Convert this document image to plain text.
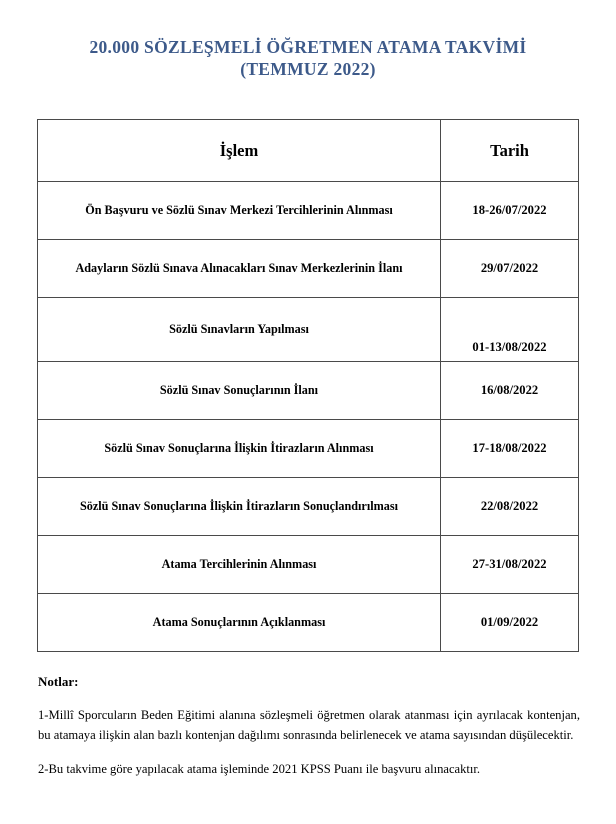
20.000 SÖZLEŞMELİ ÖĞRETMEN ATAMA TAKVİMİ
(TEMMUZ 2022)
İşlem	Tarih
Ön Başvuru ve Sözlü Sınav Merkezi Tercihlerinin Alınması	18-26/07/2022
Adayların Sözlü Sınava Alınacakları Sınav Merkezlerinin İlanı	29/07/2022
Sözlü Sınavların Yapılması	01-13/08/2022
Sözlü Sınav Sonuçlarının İlanı	16/08/2022
Sözlü Sınav Sonuçlarına İlişkin İtirazların Alınması	17-18/08/2022
Sözlü Sınav Sonuçlarına İlişkin İtirazların Sonuçlandırılması	22/08/2022
Atama Tercihlerinin Alınması	27-31/08/2022
Atama Sonuçlarının Açıklanması	01/09/2022
Notlar:

1-Millî Sporcuların Beden Eğitimi alanına sözleşmeli öğretmen olarak atanması için ayrılacak kontenjan, bu atamaya ilişkin alan bazlı kontenjan dağılımı sonrasında belirlenecek ve atama sayısından düşülecektir.

2-Bu takvime göre yapılacak atama işleminde 2021 KPSS Puanı ile başvuru alınacaktır.
